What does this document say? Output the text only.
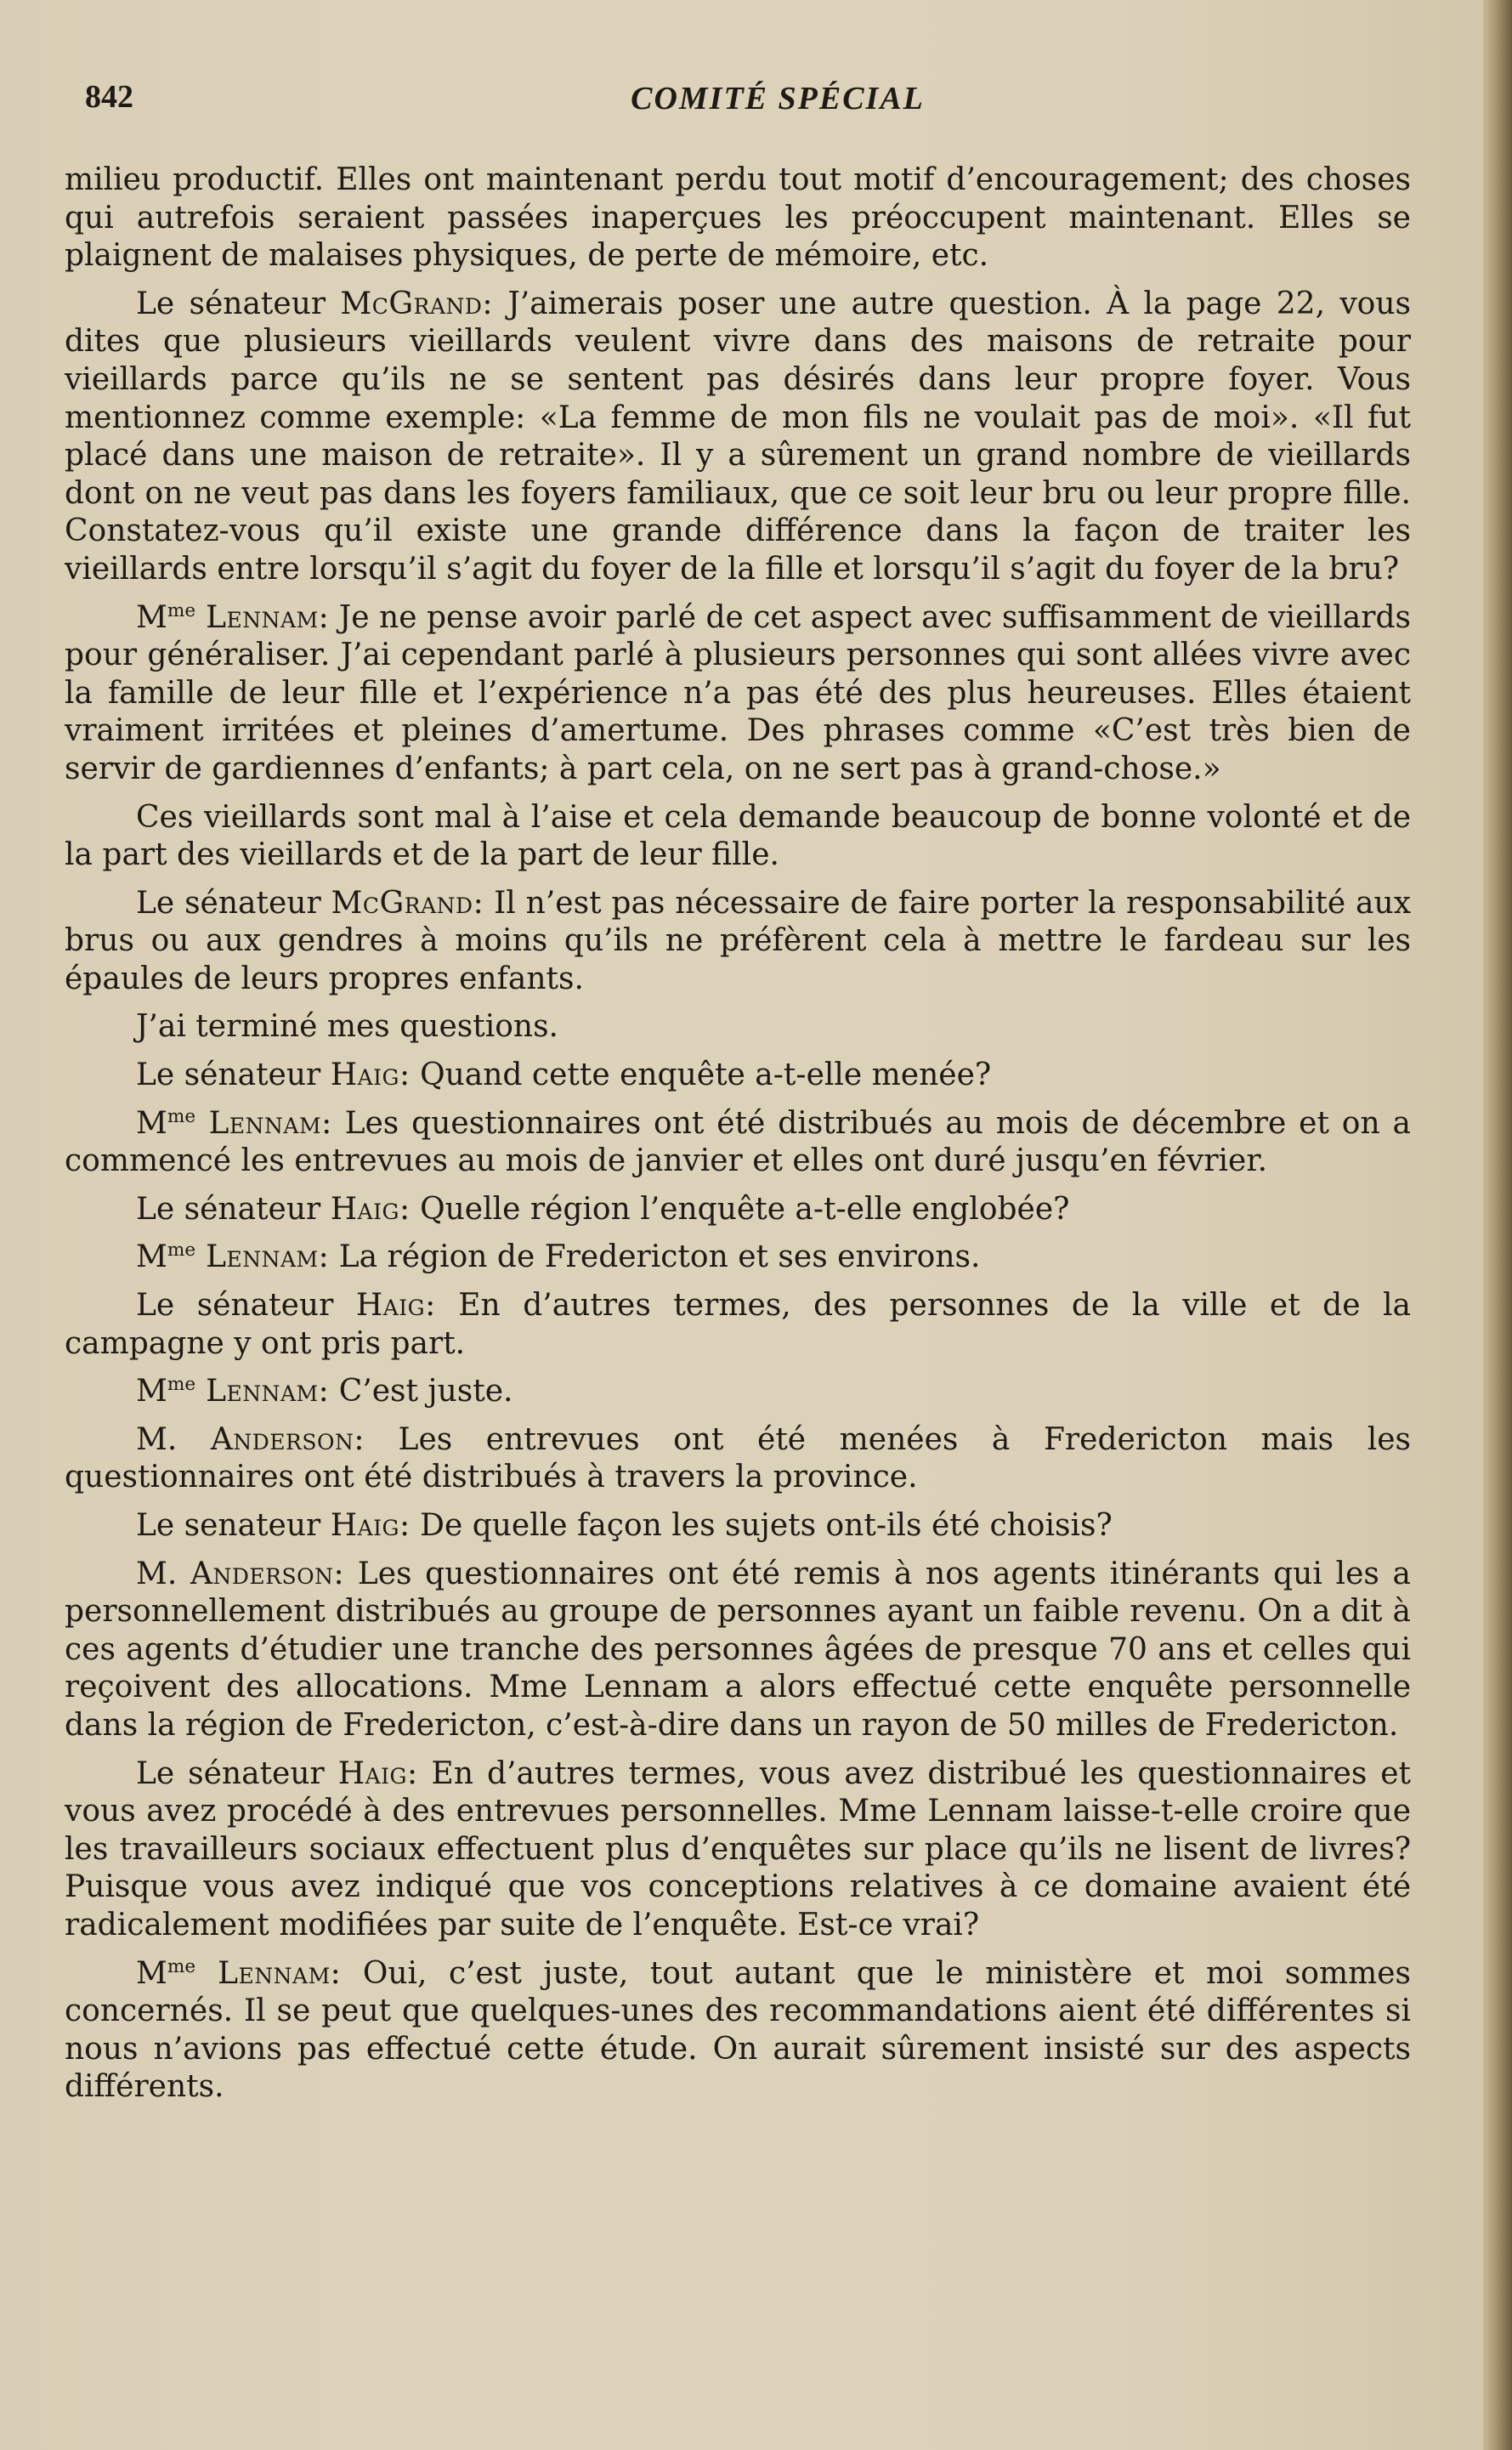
842	COMITÉ SPÉCIAL

milieu productif. Elles ont maintenant perdu tout motif d’encouragement; des choses qui autrefois seraient passées inaperçues les préoccupent maintenant. Elles se plaignent de malaises physiques, de perte de mémoire, etc.

Le sénateur McGrand: J’aimerais poser une autre question. À la page 22, vous dites que plusieurs vieillards veulent vivre dans des maisons de retraite pour vieillards parce qu’ils ne se sentent pas désirés dans leur propre foyer. Vous mentionnez comme exemple: «La femme de mon fils ne voulait pas de moi». «Il fut placé dans une maison de retraite». Il y a sûrement un grand nombre de vieillards dont on ne veut pas dans les foyers familiaux, que ce soit leur bru ou leur propre fille. Constatez-vous qu’il existe une grande différence dans la façon de traiter les vieillards entre lorsqu’il s’agit du foyer de la fille et lorsqu’il s’agit du foyer de la bru?

$M^{me}$ Lennam: Je ne pense avoir parlé de cet aspect avec suffisamment de vieillards pour généraliser. J’ai cependant parlé à plusieurs personnes qui sont allées vivre avec la famille de leur fille et l’expérience n’a pas été des plus heureuses. Elles étaient vraiment irritées et pleines d’amertume. Des phrases comme «C’est très bien de servir de gardiennes d’enfants; à part cela, on ne sert pas à grand-chose.»

Ces vieillards sont mal à l’aise et cela demande beaucoup de bonne volonté et de la part des vieillards et de la part de leur fille.

Le sénateur McGrand: Il n’est pas nécessaire de faire porter la responsabilité aux brus ou aux gendres à moins qu’ils ne préfèrent cela à mettre le fardeau sur les épaules de leurs propres enfants.

J’ai terminé mes questions.

Le sénateur Haig: Quand cette enquête a-t-elle menée?

$M^{me}$ Lennam: Les questionnaires ont été distribués au mois de décembre et on a commencé les entrevues au mois de janvier et elles ont duré jusqu’en février.

Le sénateur Haig: Quelle région l’enquête a-t-elle englobée?

$M^{me}$ Lennam: La région de Fredericton et ses environs.

Le sénateur Haig: En d’autres termes, des personnes de la ville et de la campagne y ont pris part.

$M^{me}$ Lennam: C’est juste.

M. Anderson: Les entrevues ont été menées à Fredericton mais les questionnaires ont été distribués à travers la province.

Le senateur Haig: De quelle façon les sujets ont-ils été choisis?

M. Anderson: Les questionnaires ont été remis à nos agents itinérants qui les a personnellement distribués au groupe de personnes ayant un faible revenu. On a dit à ces agents d’étudier une tranche des personnes âgées de presque 70 ans et celles qui reçoivent des allocations. Mme Lennam a alors effectué cette enquête personnelle dans la région de Fredericton, c’est-à-dire dans un rayon de 50 milles de Fredericton.

Le sénateur Haig: En d’autres termes, vous avez distribué les questionnaires et vous avez procédé à des entrevues personnelles. Mme Lennam laisse-t-elle croire que les travailleurs sociaux effectuent plus d’enquêtes sur place qu’ils ne lisent de livres? Puisque vous avez indiqué que vos conceptions relatives à ce domaine avaient été radicalement modifiées par suite de l’enquête. Est-ce vrai?

$M^{me}$ Lennam: Oui, c’est juste, tout autant que le ministère et moi sommes concernés. Il se peut que quelques-unes des recommandations aient été différentes si nous n’avions pas effectué cette étude. On aurait sûrement insisté sur des aspects différents.
